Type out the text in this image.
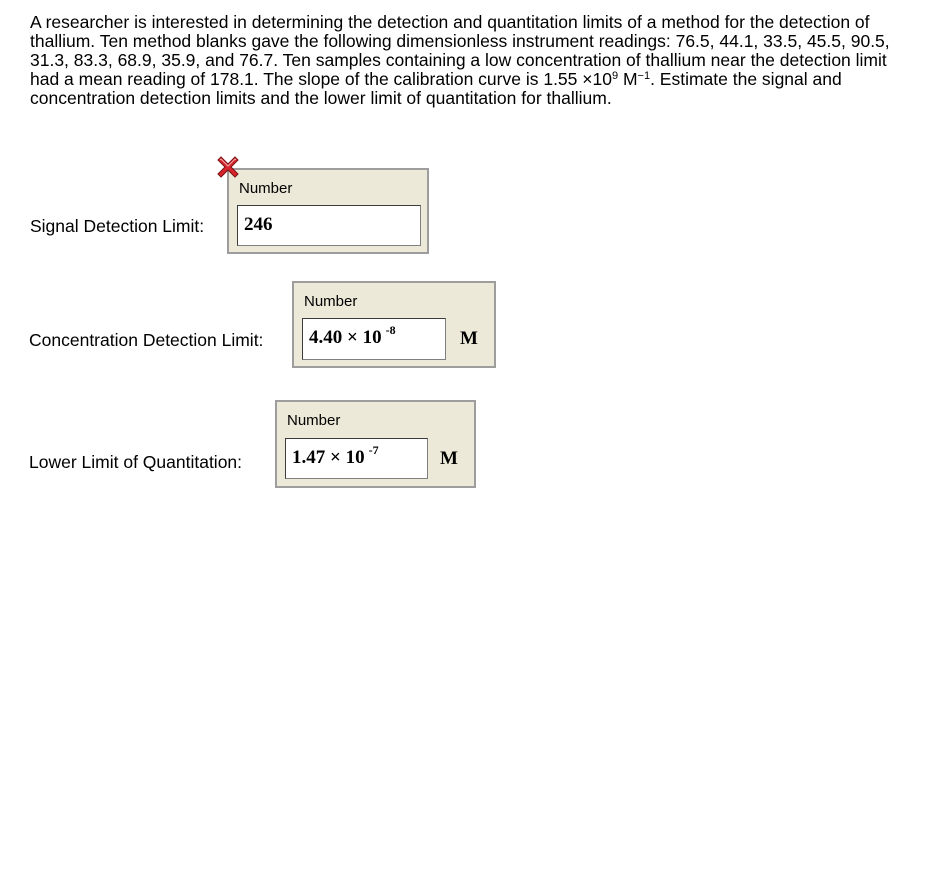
A researcher is interested in determining the detection and quantitation limits of a method for the detection of thallium. Ten method blanks gave the following dimensionless instrument readings: 76.5, 44.1, 33.5, 45.5, 90.5, 31.3, 83.3, 68.9, 35.9, and 76.7. Ten samples containing a low concentration of thallium near the detection limit had a mean reading of 178.1. The slope of the calibration curve is $1.55 \times 10^9$ $M^{-1}$. Estimate the signal and concentration detection limits and the lower limit of quantitation for thallium.

Signal Detection Limit:
Number
246
Concentration Detection Limit:
Number
4.40 × 10 $^{-8}$	M
Lower Limit of Quantitation:
Number
1.47 × 10 $^{-7}$	M
